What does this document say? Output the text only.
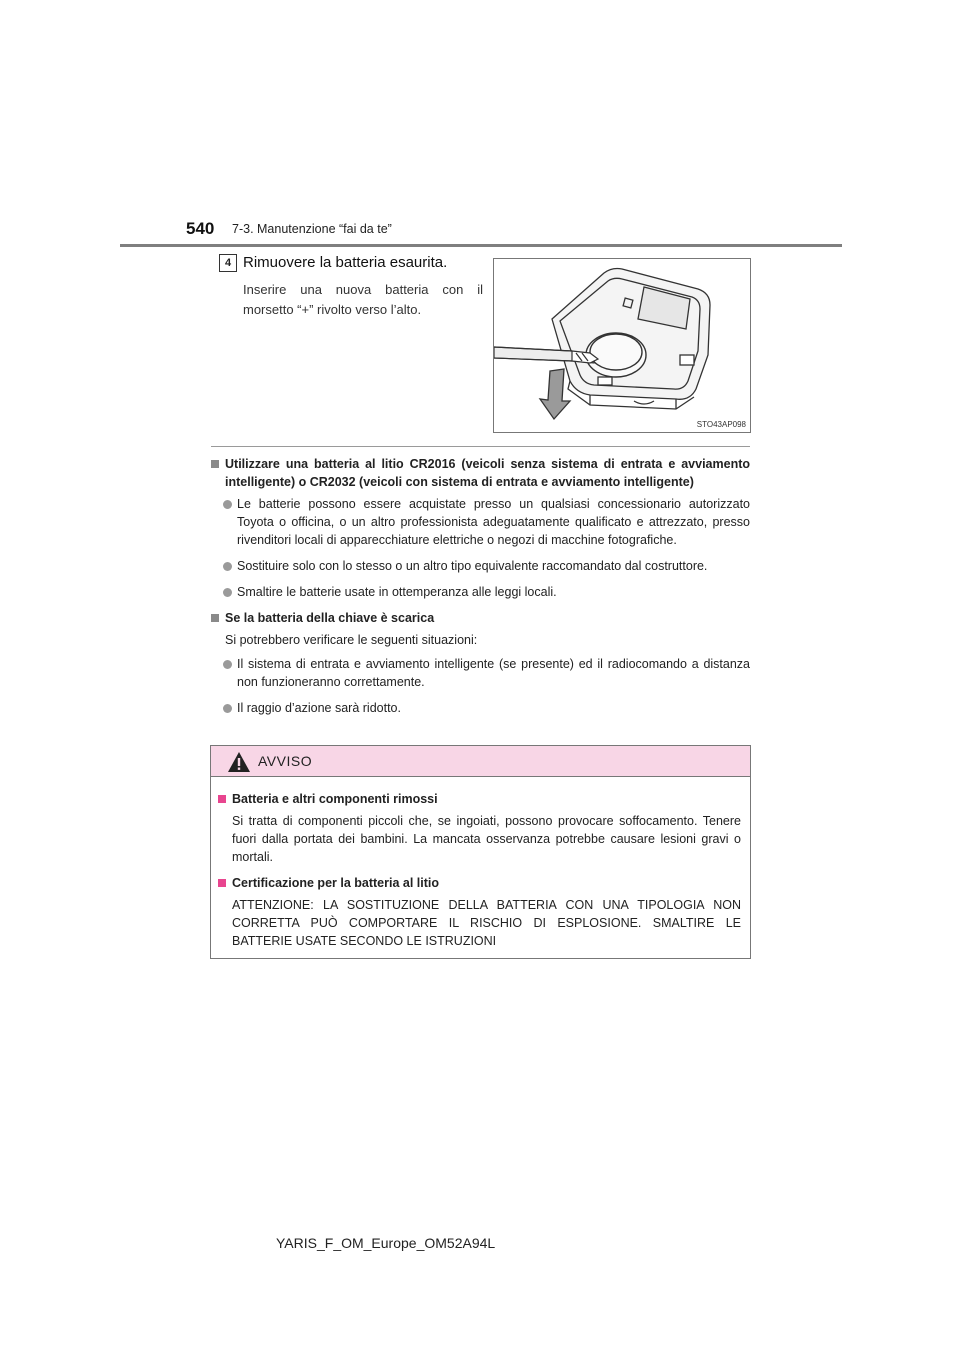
540 7-3. Manutenzione “fai da te”
4 Rimuovere la batteria esaurita.
Inserire una nuova batteria con il morsetto “+” rivolto verso l’alto.
STO43AP098
Utilizzare una batteria al litio CR2016 (veicoli senza sistema di entrata e avviamento intelligente) o CR2032 (veicoli con sistema di entrata e avviamento intelligente)
Le batterie possono essere acquistate presso un qualsiasi concessionario autorizzato Toyota o officina, o un altro professionista adeguatamente qualificato e attrezzato, presso rivenditori locali di apparecchiature elettriche o negozi di macchine fotografiche.
Sostituire solo con lo stesso o un altro tipo equivalente raccomandato dal costruttore.
Smaltire le batterie usate in ottemperanza alle leggi locali.
Se la batteria della chiave è scarica
Si potrebbero verificare le seguenti situazioni:
Il sistema di entrata e avviamento intelligente (se presente) ed il radiocomando a distanza non funzioneranno correttamente.
Il raggio d’azione sarà ridotto.
AVVISO
Batteria e altri componenti rimossi
Si tratta di componenti piccoli che, se ingoiati, possono provocare soffocamento. Tenere fuori dalla portata dei bambini. La mancata osservanza potrebbe causare lesioni gravi o mortali.
Certificazione per la batteria al litio
ATTENZIONE: LA SOSTITUZIONE DELLA BATTERIA CON UNA TIPOLOGIA NON CORRETTA PUÒ COMPORTARE IL RISCHIO DI ESPLOSIONE. SMALTIRE LE BATTERIE USATE SECONDO LE ISTRUZIONI
YARIS_F_OM_Europe_OM52A94L
